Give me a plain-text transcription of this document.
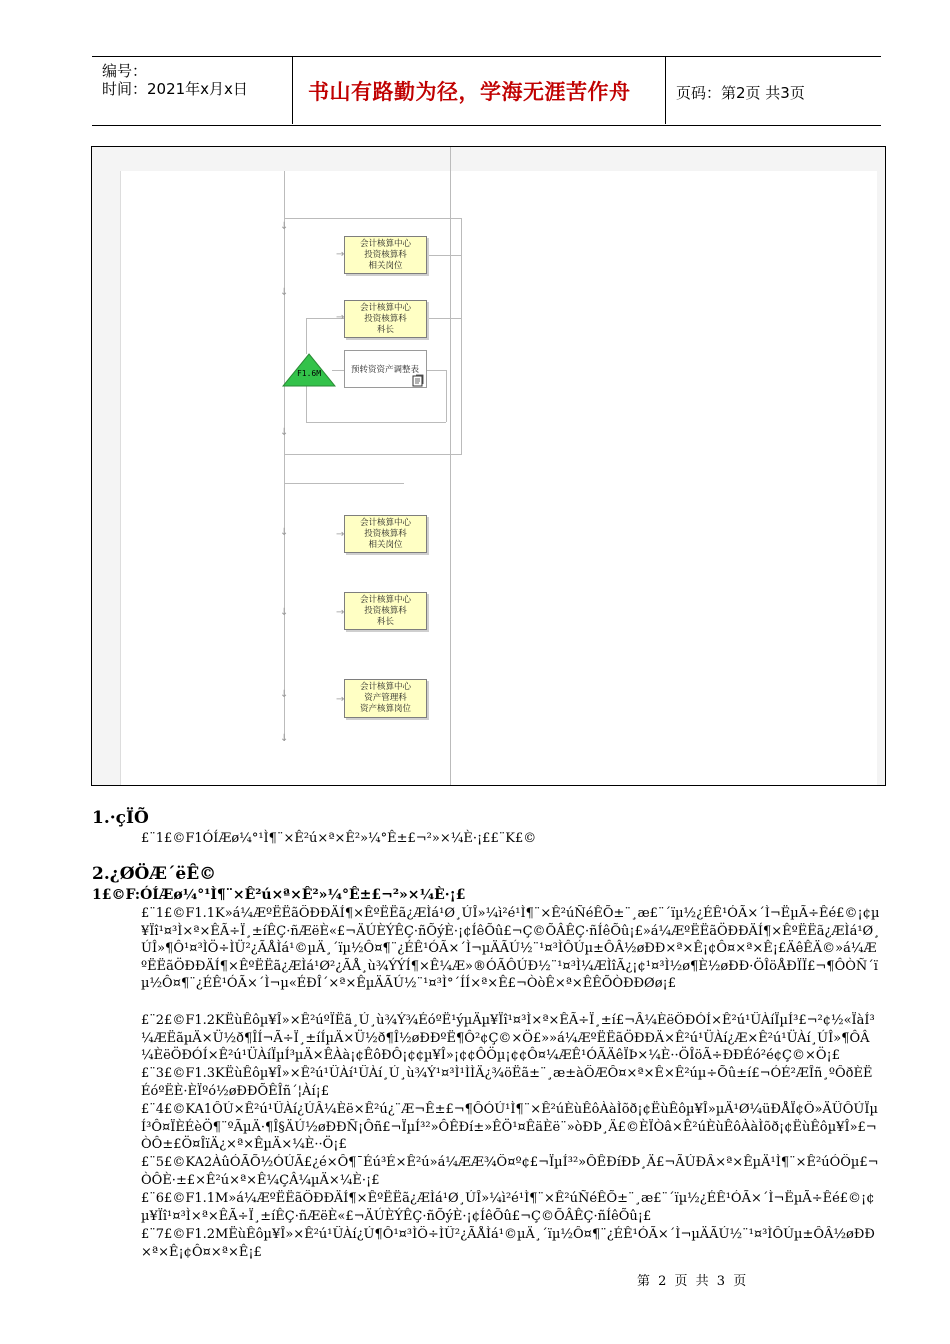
编号：
时间：2021年x月x日	书山有路勤为径，学海无涯苦作舟	页码：第2页 共3页
↓
↓
↓
↓
↓
↓
↓
→
→
→
→
→
会计核算中心
投资核算科
相关岗位
会计核算中心
投资核算科
科长
预转资资产调整表
F1.6M
会计核算中心
投资核算科
相关岗位
会计核算中心
投资核算科
科长
会计核算中心
资产管理科
资产核算岗位
1.·çÏÕ
£¨1£©F1ÓÍÆø¼°¹Ì¶¨×Ê²ú×ª×Ê²»¼°Ê±£¬²»×¼È·¡££¨K£©
2.¿ØÖÆ´ëÊ©
1£©F:ÓÍÆø¼°¹Ì¶¨×Ê²ú×ª×Ê²»¼°Ê±£¬²»×¼È·¡£
£¨1£©F1.1K»á¼ÆºËËãÖÐÐÄÍ¶×ÊºËËã¿ÆÌá¹Ø¸ÚÎ»¼ì²é¹Ì¶¨×Ê²úÑéÊÕ±¨¸æ£¨´ïµ½¿ÉÊ¹ÓÃ×´Ì¬ËµÃ÷Êé£©¡¢µ¥Ïî¹¤³Ì×ª×ÊÃ÷Ï¸±íÊÇ·ñÆëÈ«£¬ÄÚÈÝÊÇ·ñÕýÈ·¡¢ÍêÕû£¬Ç©ÕÂÊÇ·ñÍêÕû¡£»á¼ÆºËËãÖÐÐÄÍ¶×ÊºËËã¿ÆÌá¹Ø¸ÚÎ»¶Ô¹¤³ÌÖ÷ÌÜ²¿ÃÅÌá¹©µÄ¸´ïµ½Ô¤¶¨¿ÉÊ¹ÓÃ×´Ì¬µÄÃÚ½¨¹¤³ÌÔÚµ±ÔÂ½øÐÐ×ª×Ê¡¢Ô¤×ª×Ê¡£ÄêÊÄ©»á¼ÆºËËãÖÐÐÄÍ¶×ÊºËËã¿ÆÌá¹Ø²¿ÃÅ¸ù¾ÝÝÍ¶×Ê¼Æ»®ÓÃÔÚÐ½¨¹¤³Ì¼ÆÌîÃ¿¡¢¹¤³Ì½ø¶È½øÐÐ·ÖÎöÅÐÏÏ£¬¶ÔÒÑ´ïµ½Ô¤¶¨¿ÉÊ¹ÓÃ×´Ì¬µ«ÉÐÎ´×ª×ÊµÄÃÚ½¨¹¤³Ì°´ÍÍ×ª×Ê£¬ÒòÊ×ª×ÊÊÕÒÐÐØø¡£
£¨2£©F1.2KËùÊôµ¥Î»×Ê²úºÏËã¸Ú¸ù¾Ý¾ÉóºË¹ýµÄµ¥Ïî¹¤³Ì×ª×ÊÃ÷Ï¸±í£¬Â¼ÈëÖÐÓÍ×Ê²ú¹ÜÀíÏµÍ³£¬²¢½«ÏàÍ³¼ÆËãµÄ×Ü½ð¶ÎÍ¬Ã÷Ï¸±íÍµÄ×Ü½ð¶Î½øÐÐºË¶Ô²¢Ç©×Ö£»»á¼ÆºËËãÖÐÐÄ×Ê²ú¹ÜÀí¿Æ×Ê²ú¹ÜÀí¸ÚÎ»¶ÔÂ¼ÈëÖÐÓÍ×Ê²ú¹ÜÀíÏµÍ³µÄ×ÊÀà¡¢ÊôÐÔ¡¢¢µ¥Î»¡¢¢ÔÖµ¡¢¢Ô¤¼ÆÊ¹ÓÃÄêÏÞ×¼È··ÖÎöÃ÷ÐÐÉó²é¢Ç©×Ö¡£
£¨3£©F1.3KËùÊôµ¥Î»×Ê²ú¹ÜÀí¹ÜÀí¸Ú¸ù¾Ý¹¤³Ì¹ÌÌÄ¿¾öËã±¨¸æ±àÖÆÔ¤×ª×Ê×Ê²úµ÷Õû±í£¬ÓÉ²ÆÎñ¸ºÔðÈËÉóºËÈ·ÈÏºó½øÐÐÕÊÎñ´¦Àí¡£
£¨4£©KA1ÔÚ×Ê²ú¹ÜÀí¿ÚÂ¼Èë×Ê²ú¿¨Æ¬Ê±£¬¶ÔÓÚ¹Ì¶¨×Ê²úÈùÊôÀàÌõð¡¢ËùÊôµ¥Î»µÄ¹Ø¼üÐÅÏ¢Ö»ÄÜÔÚÏµÍ³Ô¤ÏÈÉèÖ¶¨ºÃµÄ·¶Î§ÄÚ½øÐÐÑ¡Ôñ£¬ÏµÍ³²»ÔÊÐí±»ÊÖ¹¤ÊäÈë¨»òÐÞ¸Ä£©ÈÏÒâ×Ê²úÈùÊôÀàÌõð¡¢ËùÊôµ¥Î»£¬ÒÔ±£Ö¤ÎïÄ¿×ª×ÊµÄ×¼È··Ö¡£
£¨5£©KA2ÀûÓÃÕ½ÓÚÃ£¿é×Ô¶¯Éú³É×Ê²ú»á¼ÆÆ¾Ö¤º¢£¬ÏµÍ³²»ÔÊÐíÐÞ¸Ä£¬ÃÚÐÂ×ª×ÊµÄ¹Ì¶¨×Ê²úÓÖµ£¬ÒÔÈ·±£×Ê²ú×ª×Ê¼ÇÂ¼µÄ×¼È·¡£
£¨6£©F1.1M»á¼ÆºËËãÖÐÐÄÍ¶×ÊºËËã¿ÆÌá¹Ø¸ÚÎ»¼ì²é¹Ì¶¨×Ê²úÑéÊÕ±¨¸æ£¨´ïµ½¿ÉÊ¹ÓÃ×´Ì¬ËµÃ÷Êé£©¡¢µ¥Ïî¹¤³Ì×ª×ÊÃ÷Ï¸±íÊÇ·ñÆëÈ«£¬ÄÚÈÝÊÇ·ñÕýÈ·¡¢ÍêÕû£¬Ç©ÕÂÊÇ·ñÍêÕû¡£
£¨7£©F1.2MËùÊôµ¥Î»×Ê²ú¹ÜÀí¿Ú¶Ô¹¤³ÌÖ÷ÌÜ²¿ÃÅÌá¹©µÄ¸´ïµ½Ô¤¶¨¿ÉÊ¹ÓÃ×´Ì¬µÄÃÚ½¨¹¤³ÌÔÚµ±ÔÂ½øÐÐ×ª×Ê¡¢Ô¤×ª×Ê¡£
第 2 页 共 3 页
